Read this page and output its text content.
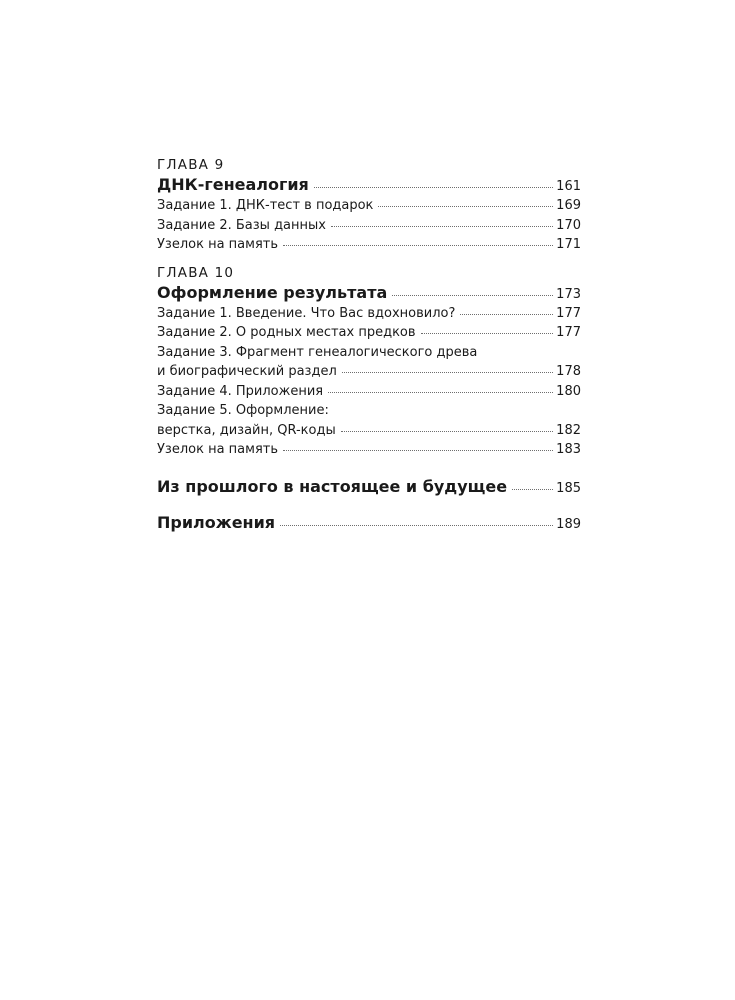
ГЛАВА 9
ДНК-генеалогия	161
Задание 1. ДНК-тест в подарок	169
Задание 2. Базы данных	170
Узелок на память	171
ГЛАВА 10
Оформление результата	173
Задание 1. Введение. Что Вас вдохновило?	177
Задание 2. О родных местах предков	177
Задание 3. Фрагмент генеалогического древа
и биографический раздел	178
Задание 4. Приложения	180
Задание 5. Оформление:
верстка, дизайн, QR-коды	182
Узелок на память	183
Из прошлого в настоящее и будущее	185
Приложения	189
